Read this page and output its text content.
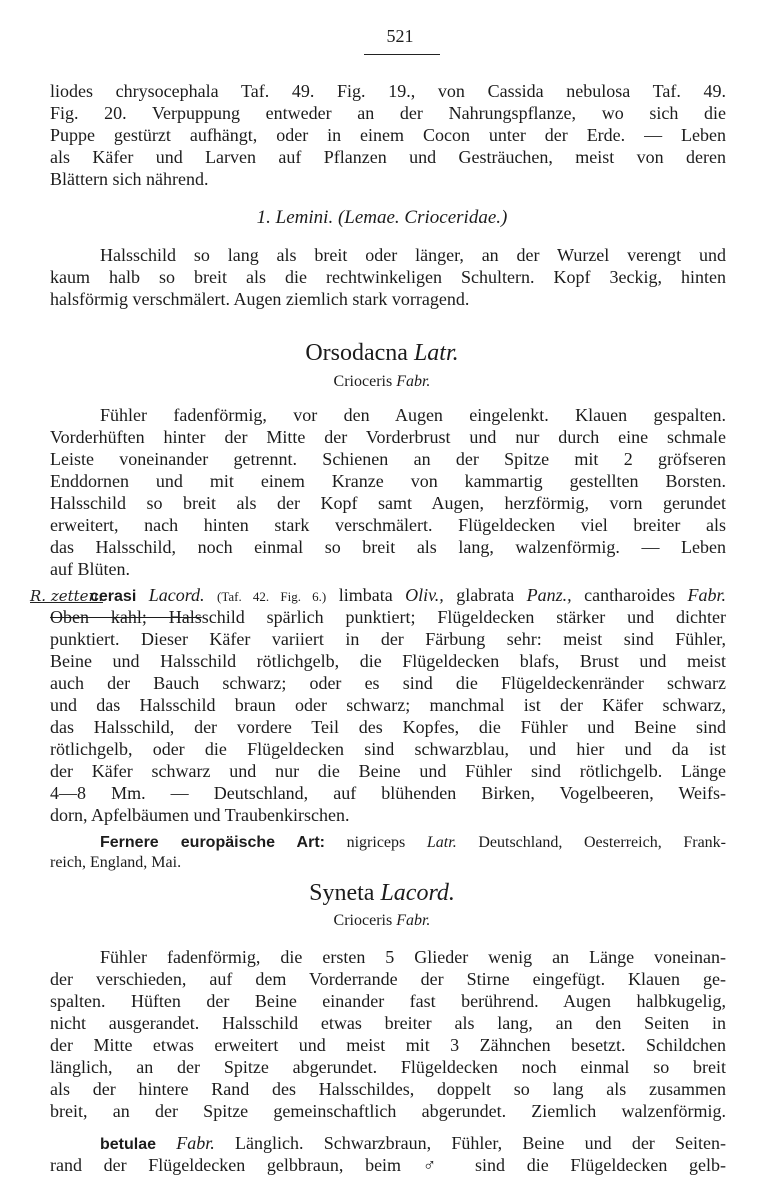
521
liodes chrysocephala Taf. 49. Fig. 19., von Cassida nebulosa Taf. 49.
Fig. 20. Verpuppung entweder an der Nahrungspflanze, wo sich die
Puppe gestürzt aufhängt, oder in einem Cocon unter der Erde. — Leben
als Käfer und Larven auf Pflanzen und Gesträuchen, meist von deren
Blättern sich nährend.
1. Lemini. (Lemae. Crioceridae.)
Halsschild so lang als breit oder länger, an der Wurzel verengt und
kaum halb so breit als die rechtwinkeligen Schultern. Kopf 3eckig, hinten
halsförmig verschmälert. Augen ziemlich stark vorragend.
Orsodacna Latr.
Crioceris Fabr.
Fühler fadenförmig, vor den Augen eingelenkt. Klauen gespalten.
Vorderhüften hinter der Mitte der Vorderbrust und nur durch eine schmale
Leiste voneinander getrennt. Schienen an der Spitze mit 2 gröfseren
Enddornen und mit einem Kranze von kammartig gestellten Borsten.
Halsschild so breit als der Kopf samt Augen, herzförmig, vorn gerundet
erweitert, nach hinten stark verschmälert. Flügeldecken viel breiter als
das Halsschild, noch einmal so breit als lang, walzenförmig. — Leben
auf Blüten.
R. zetten.
cerasi Lacord. (Taf. 42. Fig. 6.) limbata Oliv., glabrata Panz., cantharoides Fabr.
Oben kahl; Halsschild spärlich punktiert; Flügeldecken stärker und dichter
punktiert. Dieser Käfer variiert in der Färbung sehr: meist sind Fühler,
Beine und Halsschild rötlichgelb, die Flügeldecken blafs, Brust und meist
auch der Bauch schwarz; oder es sind die Flügeldeckenränder schwarz
und das Halsschild braun oder schwarz; manchmal ist der Käfer schwarz,
das Halsschild, der vordere Teil des Kopfes, die Fühler und Beine sind
rötlichgelb, oder die Flügeldecken sind schwarzblau, und hier und da ist
der Käfer schwarz und nur die Beine und Fühler sind rötlichgelb. Länge
4—8 Mm. — Deutschland, auf blühenden Birken, Vogelbeeren, Weifs-
dorn, Apfelbäumen und Traubenkirschen.
Fernere europäische Art: nigriceps Latr. Deutschland, Oesterreich, Frank-
reich, England, Mai.
Syneta Lacord.
Crioceris Fabr.
Fühler fadenförmig, die ersten 5 Glieder wenig an Länge voneinan-
der verschieden, auf dem Vorderrande der Stirne eingefügt. Klauen ge-
spalten. Hüften der Beine einander fast berührend. Augen halbkugelig,
nicht ausgerandet. Halsschild etwas breiter als lang, an den Seiten in
der Mitte etwas erweitert und meist mit 3 Zähnchen besetzt. Schildchen
länglich, an der Spitze abgerundet. Flügeldecken noch einmal so breit
als der hintere Rand des Halsschildes, doppelt so lang als zusammen
breit, an der Spitze gemeinschaftlich abgerundet. Ziemlich walzenförmig.
betulae Fabr. Länglich. Schwarzbraun, Fühler, Beine und der Seiten-
rand der Flügeldecken gelbbraun, beim ♂ sind die Flügeldecken gelb-
